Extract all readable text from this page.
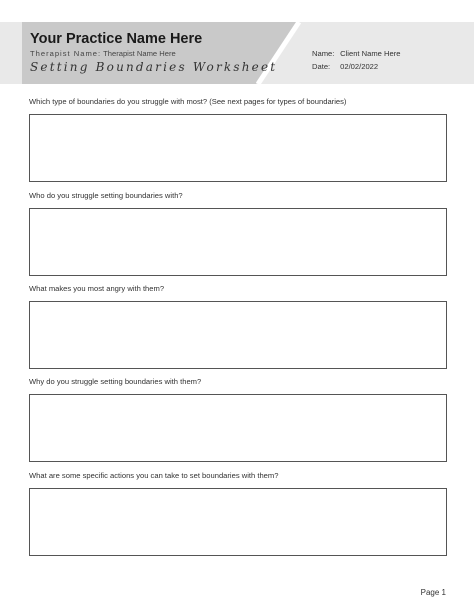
Your Practice Name Here
Therapist Name: Therapist Name Here
Setting Boundaries Worksheet
Name: Client Name Here
Date: 02/02/2022
Which type of boundaries do you struggle with most? (See next pages for types of boundaries)
Who do you struggle setting boundaries with?
What makes you most angry with them?
Why do you struggle setting boundaries with them?
What are some specific actions you can take to set boundaries with them?
Page 1
